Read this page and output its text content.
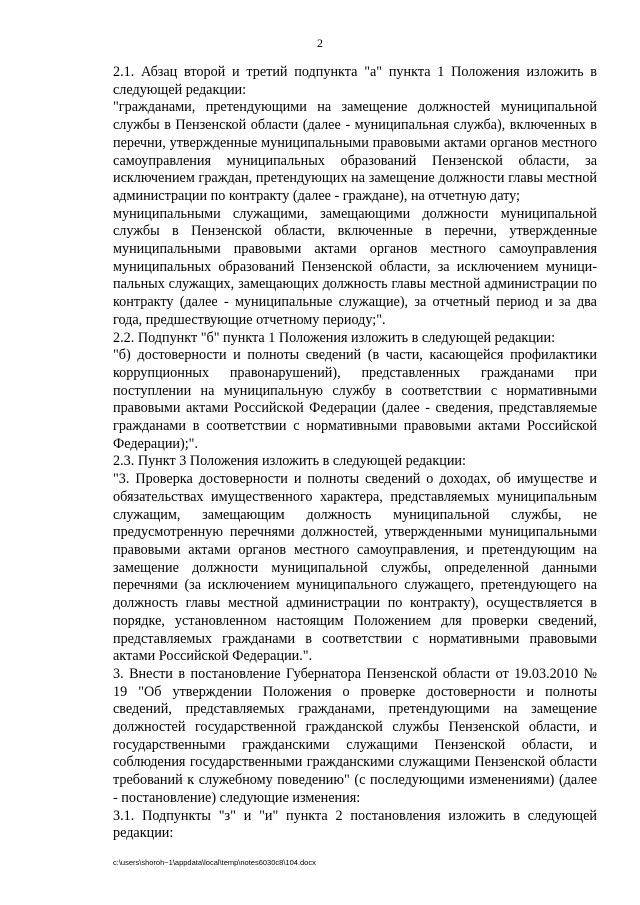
2

2.1. Абзац второй и третий подпункта "а" пункта 1 Положения изложить в следующей редакции:

"гражданами, претендующими на замещение должностей муниципальной службы в Пензенской области (далее - муниципальная служба), включенных в перечни, утвержденные муниципальными правовыми актами органов местного самоуправления муниципальных образований Пензенской области, за исключением граждан, претендующих на замещение должности главы местной администрации по контракту (далее - граждане), на отчетную дату;

муниципальными служащими, замещающими должности муниципальной службы в Пензенской области, включенные в перечни, утвержденные муниципальными правовыми актами органов местного самоуправления муниципальных образований Пензенской области, за исключением муници-пальных служащих, замещающих должность главы местной администрации по контракту (далее - муниципальные служащие), за отчетный период и за два года, предшествующие отчетному периоду;".

2.2. Подпункт "б" пункта 1 Положения изложить в следующей редакции:

"б) достоверности и полноты сведений (в части, касающейся профилактики коррупционных правонарушений), представленных гражданами при поступлении на муниципальную службу в соответствии с нормативными правовыми актами Российской Федерации (далее - сведения, представляемые гражданами в соответствии с нормативными правовыми актами Российской Федерации);".

2.3. Пункт 3 Положения изложить в следующей редакции:

"3. Проверка достоверности и полноты сведений о доходах, об имуществе и обязательствах имущественного характера, представляемых муниципальным служащим, замещающим должность муниципальной службы, не предусмотренную перечнями должностей, утвержденными муниципальными правовыми актами органов местного самоуправления, и претендующим на замещение должности муниципальной службы, определенной данными перечнями (за исключением муниципального служащего, претендующего на должность главы местной администрации по контракту), осуществляется в порядке, установленном настоящим Положением для проверки сведений, представляемых гражданами в соответствии с нормативными правовыми актами Российской Федерации.".

3. Внести в постановление Губернатора Пензенской области от 19.03.2010 № 19 "Об утверждении Положения о проверке достоверности и полноты сведений, представляемых гражданами, претендующими на замещение должностей государственной гражданской службы Пензенской области, и государственными гражданскими служащими Пензенской области, и соблюдения государственными гражданскими служащими Пензенской области требований к служебному поведению" (с последующими изменениями) (далее - постановление) следующие изменения:

3.1. Подпункты "з" и "и" пункта 2 постановления изложить в следующей редакции:

c:\users\shoroh~1\appdata\local\temp\notes6030c8\104.docx
